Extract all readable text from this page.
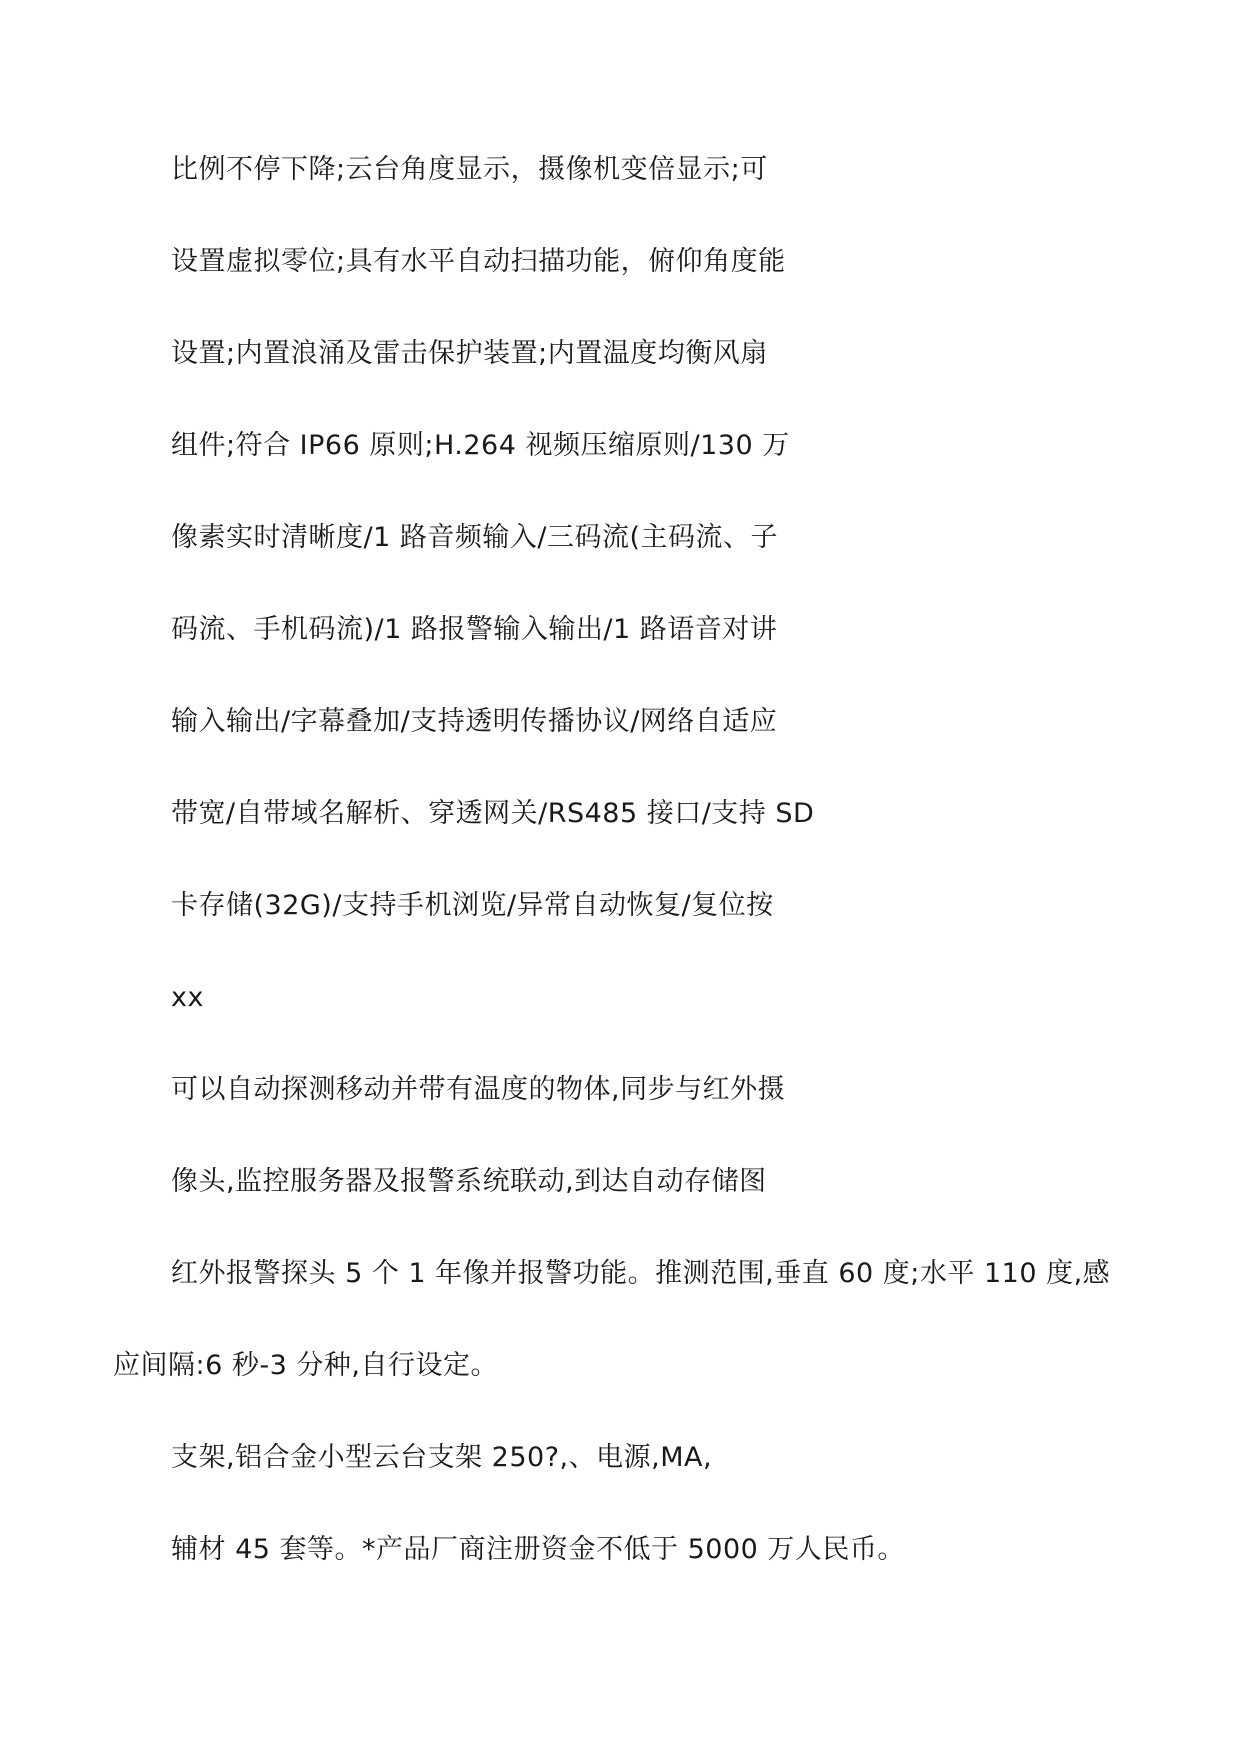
比例不停下降;云台角度显示，摄像机变倍显示;可
设置虚拟零位;具有水平自动扫描功能，俯仰角度能
设置;内置浪涌及雷击保护装置;内置温度均衡风扇
组件;符合 IP66 原则;H.264 视频压缩原则/130 万
像素实时清晰度/1 路音频输入/三码流(主码流、子
码流、手机码流)/1 路报警输入输出/1 路语音对讲
输入输出/字幕叠加/支持透明传播协议/网络自适应
带宽/自带域名解析、穿透网关/RS485 接口/支持 SD
卡存储(32G)/支持手机浏览/异常自动恢复/复位按
xx
可以自动探测移动并带有温度的物体,同步与红外摄
像头,监控服务器及报警系统联动,到达自动存储图
红外报警探头 5 个 1 年像并报警功能。推测范围,垂直 60 度;水平 110 度,感
应间隔:6 秒-3 分种,自行设定。
支架,铝合金小型云台支架 250?,、电源,MA,
辅材 45 套等。*产品厂商注册资金不低于 5000 万人民币。
